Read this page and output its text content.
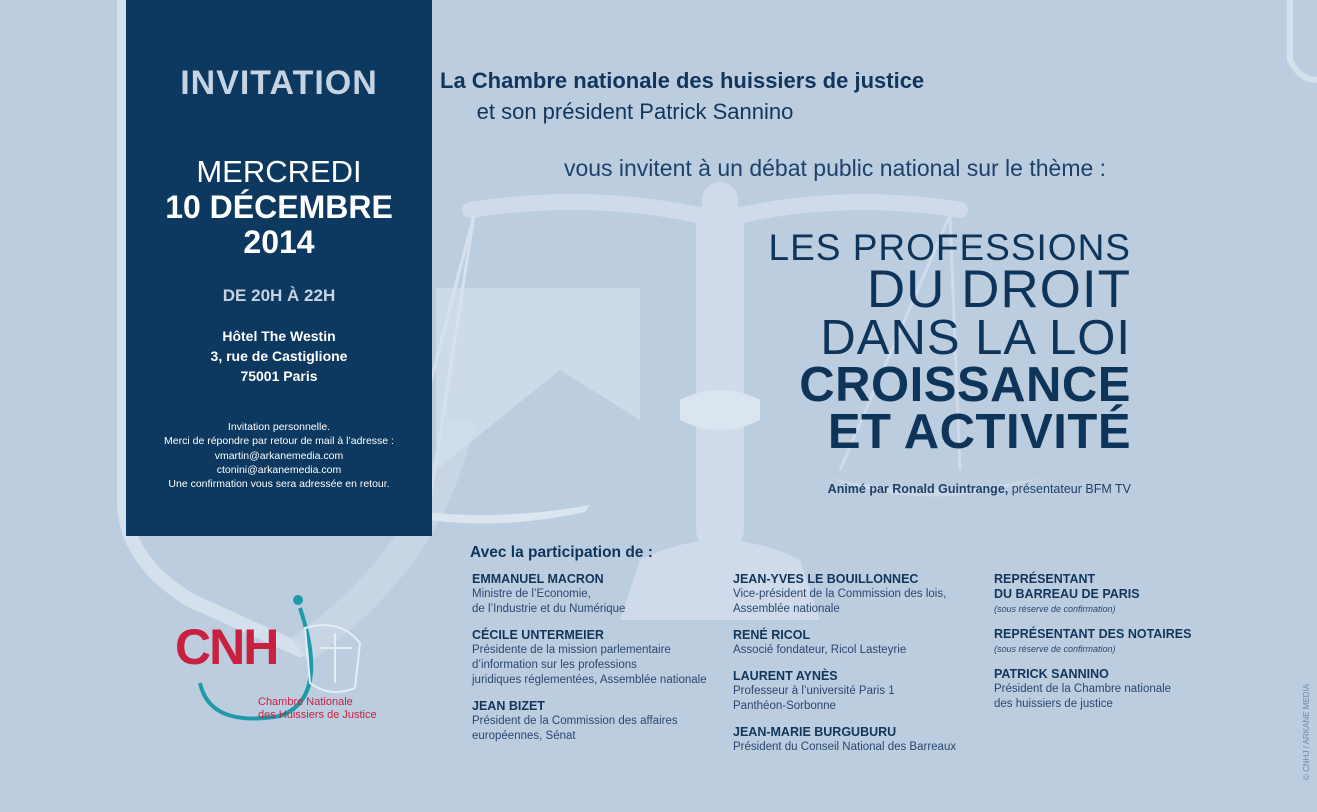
INVITATION
MERCREDI
10 DÉCEMBRE
2014
DE 20H À 22H
Hôtel The Westin
3, rue de Castiglione
75001 Paris
Invitation personnelle.
Merci de répondre par retour de mail à l’adresse :
vmartin@arkanemedia.com
ctonini@arkanemedia.com
Une confirmation vous sera adressée en retour.
La Chambre nationale des huissiers de justice
et son président Patrick Sannino
vous invitent à un débat public national sur le thème :
LES PROFESSIONS
DU DROIT
DANS LA LOI
CROISSANCE
ET ACTIVITÉ
Animé par Ronald Guintrange, présentateur BFM TV
Avec la participation de :
EMMANUEL MACRON
Ministre de l’Economie,
de l’Industrie et du Numérique
CÉCILE UNTERMEIER
Présidente de la mission parlementaire
d’information sur les professions
juridiques réglementées, Assemblée nationale
JEAN BIZET
Président de la Commission des affaires
européennes, Sénat
JEAN-YVES LE BOUILLONNEC
Vice-président de la Commission des lois,
Assemblée nationale
RENÉ RICOL
Associé fondateur, Ricol Lasteyrie
LAURENT AYNÈS
Professeur à l’université Paris 1
Panthéon-Sorbonne
JEAN-MARIE BURGUBURU
Président du Conseil National des Barreaux
REPRÉSENTANT
DU BARREAU DE PARIS
(sous réserve de confirmation)
REPRÉSENTANT DES NOTAIRES
(sous réserve de confirmation)
PATRICK SANNINO
Président de la Chambre nationale
des huissiers de justice
CNH
Chambre Nationale
des Huissiers de Justice	© CNHJ / ARKANE MEDIA
